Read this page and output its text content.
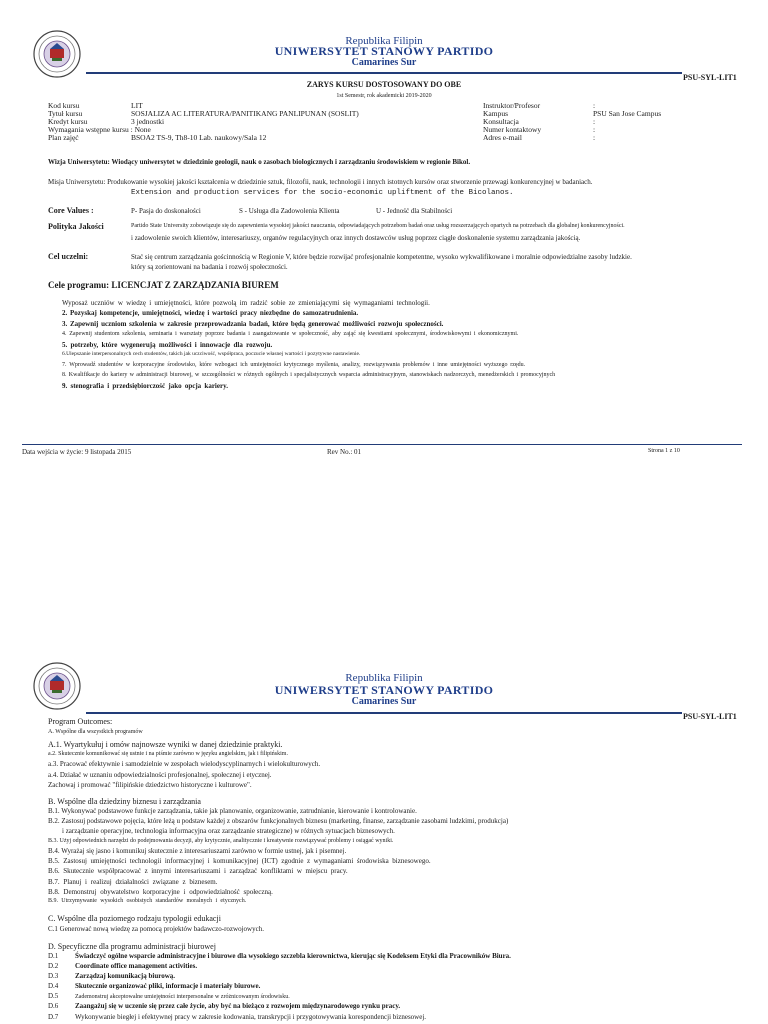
Republika Filipin
UNIWERSYTET STANOWY PARTIDO
Camarines Sur
PSU-SYL-LIT1
ZARYS KURSU DOSTOSOWANY DO OBE
1st Semestr, rok akademicki 2019-2020
Kod kursu	LIT	Instruktor/Profesor	:
Tytuł kursu	SOSJALIZA AC LITERATURA/PANITIKANG PANLIPUNAN (SOSLIT)	Kampus	PSU San Jose Campus
Kredyt kursu	3 jednostki	Konsultacja	:
Wymagania wstępne kursu : None	Numer kontaktowy	:
Plan zajęć	BSOA2 TS-9, Th8-10 Lab. naukowy/Sala 12	Adres e-mail	:
Wizja Uniwersytetu: Wiodący uniwersytet w dziedzinie geologii, nauk o zasobach biologicznych i zarządzaniu środowiskiem w regionie Bikol.
Misja Uniwersytetu: Produkowanie wysokiej jakości kształcenia w dziedzinie sztuk, filozofii, nauk, technologii i innych istotnych kursów oraz stworzenie przewagi konkurencyjnej w badaniach.
Extension and production services for the socio-economic upliftment of the Bicolanos.
Core Values :	P- Pasja do doskonałości	S - Usługa dla Zadowolenia Klienta	U - Jedność dla Stabilności
Polityka Jakości	Partido State University zobowiązuje się do zapewnienia wysokiej jakości nauczania, odpowiadających potrzebom badań oraz usług rozszerzających opartych na potrzebach dla globalnej konkurencyjności.
i zadowolenie swoich klientów, interesariuszy, organów regulacyjnych oraz innych dostawców usług poprzez ciągłe doskonalenie systemu zarządzania jakością.
Cel uczelni:	Stać się centrum zarządzania gościnnością w Regionie V, które będzie rozwijać profesjonalnie kompetentne, wysoko wykwalifikowane i moralnie odpowiedzialne zasoby ludzkie.
który są zorientowani na badania i rozwój społeczności.
Cele programu: LICENCJAT Z ZARZĄDZANIA BIUREM
Wyposaż uczniów w wiedzę i umiejętności, które pozwolą im radzić sobie ze zmieniającymi się wymaganiami technologii.
2. Pozyskaj kompetencje, umiejętności, wiedzę i wartości pracy niezbędne do samozatrudnienia.
3. Zapewnij uczniom szkolenia w zakresie przeprowadzania badań, które będą generować możliwości rozwoju społeczności.
4. Zapewnij studentom szkolenia, seminaria i warsztaty poprzez badania i zaangażowanie w społeczność, aby zająć się kwestiami społecznymi, środowiskowymi i ekonomicznymi.
5. potrzeby, które wygenerują możliwości i innowacje dla rozwoju.
6.Ulepszanie interpersonalnych cech studentów, takich jak uczciwość, współpraca, poczucie własnej wartości i pozytywne nastawienie.
7. Wprowadź studentów w korporacyjne środowisko, które wzbogaci ich umiejętności krytycznego myślenia, analizy, rozwiązywania problemów i inne umiejętności wyższego rzędu.
8. Kwalifikacje do kariery w administracji biurowej, w szczególności w różnych ogólnych i specjalistycznych wsparcia administracyjnym, stanowiskach nadzorczych, menedżerskich i promocyjnych
9. stenografia i przedsiębiorczość jako opcja kariery.
Data wejścia w życie: 9 listopada 2015	Rev No.: 01	Strona 1 z 10
Republika Filipin
UNIWERSYTET STANOWY PARTIDO
Camarines Sur
PSU-SYL-LIT1
Program Outcomes:
A. Wspólne dla wszystkich programów
A.1. Wyartykułuj i omów najnowsze wyniki w danej dziedzinie praktyki.
a.2. Skutecznie komunikować się ustnie i na piśmie zarówno w języku angielskim, jak i filipińskim.
a.3. Pracować efektywnie i samodzielnie w zespołach wielodyscyplinarnych i wielokulturowych.
a.4. Działać w uznaniu odpowiedzialności profesjonalnej, społecznej i etycznej.
Zachowaj i promować "filipińskie dziedzictwo historyczne i kulturowe".
B. Wspólne dla dziedziny biznesu i zarządzania
B.1. Wykonywać podstawowe funkcje zarządzania, takie jak planowanie, organizowanie, zatrudnianie, kierowanie i kontrolowanie.
B.2. Zastosuj podstawowe pojęcia, które leżą u podstaw każdej z obszarów funkcjonalnych biznesu (marketing, finanse, zarządzanie zasobami ludzkimi, produkcja)
i zarządzanie operacyjne, technologia informacyjna oraz zarządzanie strategiczne) w różnych sytuacjach biznesowych.
B.3. Użyj odpowiednich narzędzi do podejmowania decyzji, aby krytycznie, analitycznie i kreatywnie rozwiązywać problemy i osiągać wyniki.
B.4. Wyrażaj się jasno i komunikuj skutecznie z interesariuszami zarówno w formie ustnej, jak i pisemnej.
B.5. Zastosuj umiejętności technologii informacyjnej i komunikacyjnej (ICT) zgodnie z wymaganiami środowiska biznesowego.
B.6. Skutecznie współpracować z innymi interesariuszami i zarządzać konfliktami w miejscu pracy.
B.7. Planuj i realizuj działalności związane z biznesem.
B.8. Demonstruj obywatelstwo korporacyjne i odpowiedzialność społeczną.
B.9. Utrzymywanie wysokich osobistych standardów moralnych i etycznych.
C. Wspólne dla poziomego rodzaju typologii edukacji
C.1 Generować nową wiedzę za pomocą projektów badawczo-rozwojowych.
D. Specyficzne dla programu administracji biurowej
D.1 Świadczyć ogólne wsparcie administracyjne i biurowe dla wysokiego szczebla kierownictwa, kierując się Kodeksem Etyki dla Pracowników Biura.
D.2 Coordinate office management activities.
D.3 Zarządzaj komunikacją biurową.
D.4 Skutecznie organizować pliki, informacje i materiały biurowe.
D.5	Zademonstruj akceptowalne umiejętności interpersonalne w zróżnicowanym środowisku.
D.6 Zaangażuj się w uczenie się przez całe życie, aby być na bieżąco z rozwojem międzynarodowego rynku pracy.
D.7 Wykonywanie biegłej i efektywnej pracy w zakresie kodowania, transkrypcji i przygotowywania korespondencji biznesowej.
